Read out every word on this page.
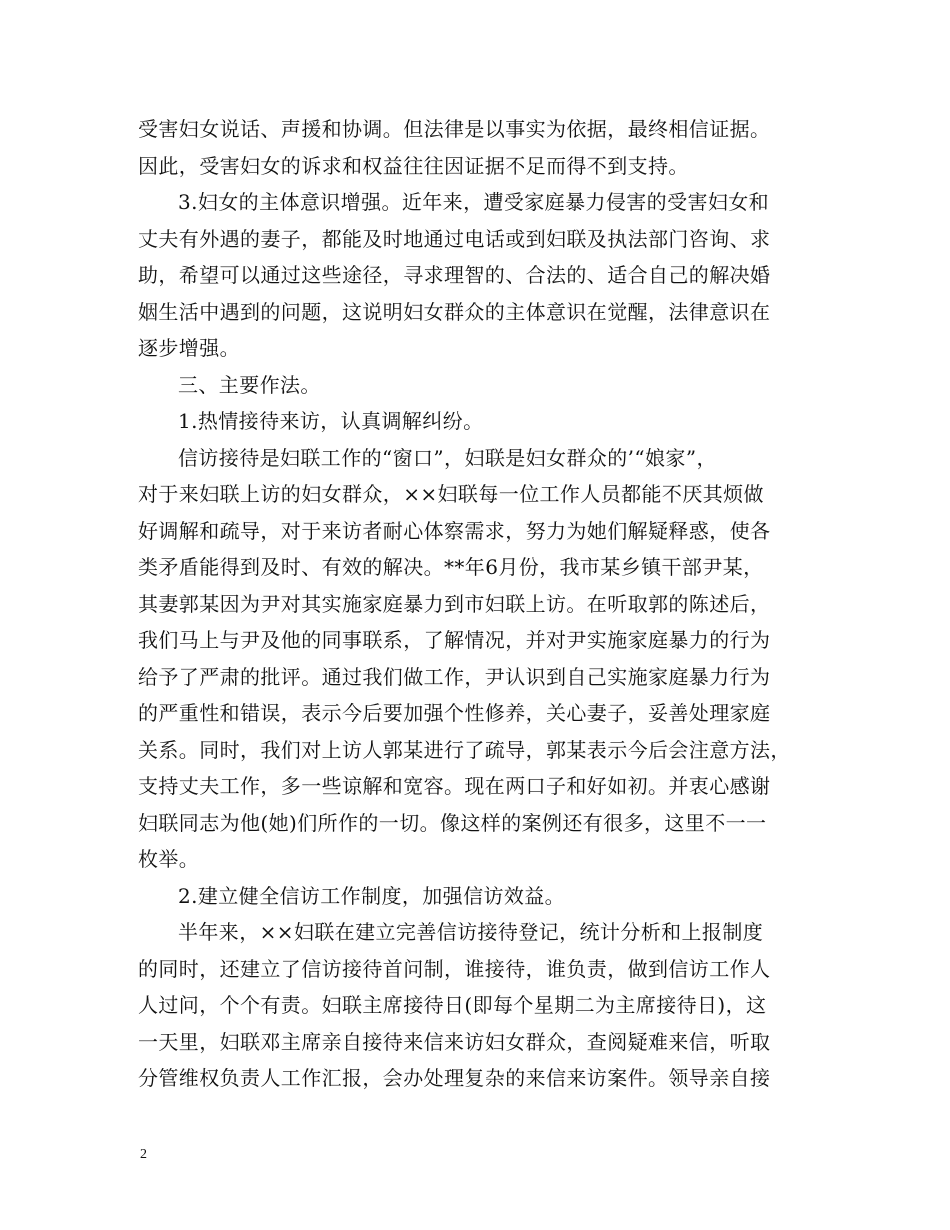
受害妇女说话、声援和协调。但法律是以事实为依据，最终相信证据。
因此，受害妇女的诉求和权益往往因证据不足而得不到支持。
3.妇女的主体意识增强。近年来，遭受家庭暴力侵害的受害妇女和
丈夫有外遇的妻子，都能及时地通过电话或到妇联及执法部门咨询、求
助，希望可以通过这些途径，寻求理智的、合法的、适合自己的解决婚
姻生活中遇到的问题，这说明妇女群众的主体意识在觉醒，法律意识在
逐步增强。
三、主要作法。
1.热情接待来访，认真调解纠纷。
信访接待是妇联工作的“窗口”，妇联是妇女群众的’“娘家”，
对于来妇联上访的妇女群众，××妇联每一位工作人员都能不厌其烦做
好调解和疏导，对于来访者耐心体察需求，努力为她们解疑释惑，使各
类矛盾能得到及时、有效的解决。**年6月份，我市某乡镇干部尹某，
其妻郭某因为尹对其实施家庭暴力到市妇联上访。在听取郭的陈述后，
我们马上与尹及他的同事联系，了解情况，并对尹实施家庭暴力的行为
给予了严肃的批评。通过我们做工作，尹认识到自己实施家庭暴力行为
的严重性和错误，表示今后要加强个性修养，关心妻子，妥善处理家庭
关系。同时，我们对上访人郭某进行了疏导，郭某表示今后会注意方法，
支持丈夫工作，多一些谅解和宽容。现在两口子和好如初。并衷心感谢
妇联同志为他(她)们所作的一切。像这样的案例还有很多，这里不一一
枚举。
2.建立健全信访工作制度，加强信访效益。
半年来，××妇联在建立完善信访接待登记，统计分析和上报制度
的同时，还建立了信访接待首问制，谁接待，谁负责，做到信访工作人
人过问，个个有责。妇联主席接待日(即每个星期二为主席接待日)，这
一天里，妇联邓主席亲自接待来信来访妇女群众，查阅疑难来信，听取
分管维权负责人工作汇报，会办处理复杂的来信来访案件。领导亲自接
2
